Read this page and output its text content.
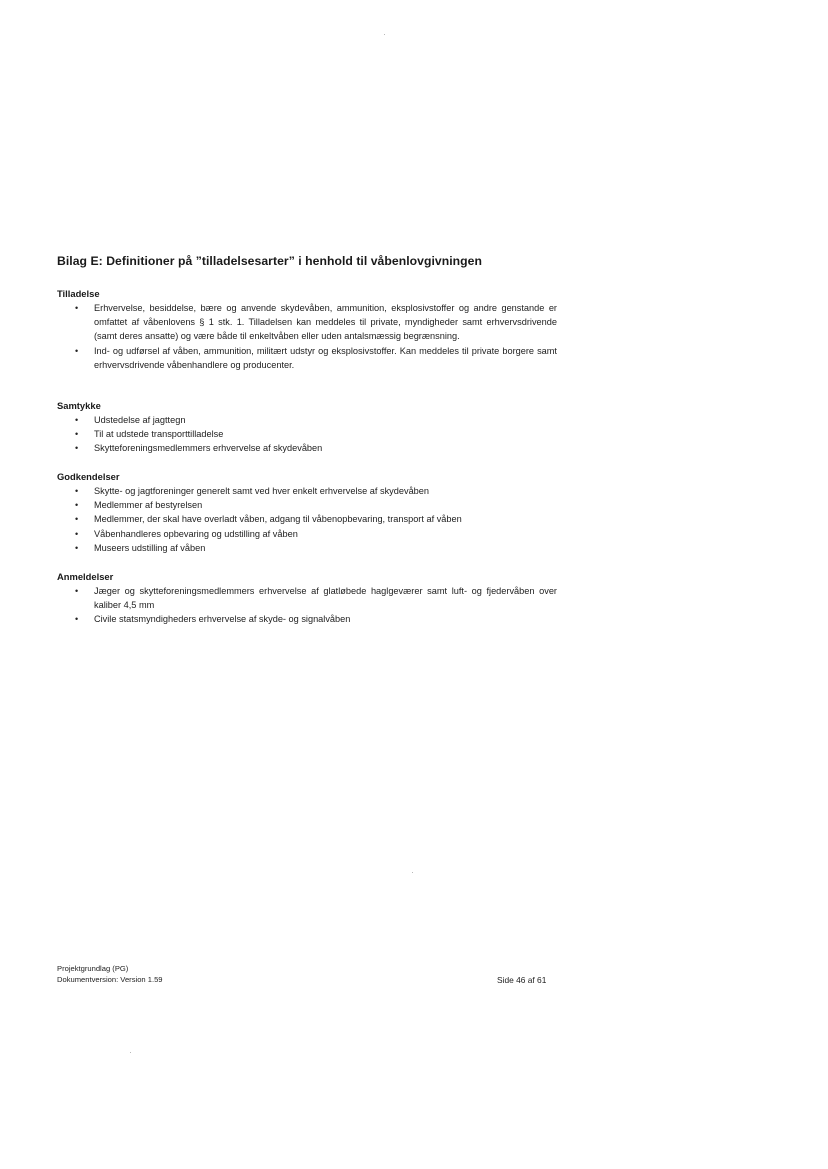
Bilag E: Definitioner på ”tilladelsesarter” i henhold til våbenlovgivningen
Tilladelse
• Erhvervelse, besiddelse, bære og anvende skydevåben, ammunition, eksplosivstoffer og andre genstande er omfattet af våbenlovens § 1 stk. 1. Tilladelsen kan meddeles til private, myndigheder samt erhvervsdrivende (samt deres ansatte) og være både til enkeltvåben eller uden antalsmæssig begrænsning.
• Ind- og udførsel af våben, ammunition, militært udstyr og eksplosivstoffer. Kan meddeles til private borgere samt erhvervsdrivende våbenhandlere og producenter.
Samtykke
• Udstedelse af jagttegn
• Til at udstede transporttilladelse
• Skytteforeningsmedlemmers erhvervelse af skydevåben
Godkendelser
• Skytte- og jagtforeninger generelt samt ved hver enkelt erhvervelse af skydevåben
• Medlemmer af bestyrelsen
• Medlemmer, der skal have overladt våben, adgang til våbenopbevaring, transport af våben
• Våbenhandleres opbevaring og udstilling af våben
• Museers udstilling af våben
Anmeldelser
• Jæger og skytteforeningsmedlemmers erhvervelse af glatløbede haglgeværer samt luft- og fjedervåben over kaliber 4,5 mm
• Civile statsmyndigheders erhvervelse af skyde- og signalvåben
Projektgrundlag (PG)
Dokumentversion: Version 1.59	Side 46 af 61
